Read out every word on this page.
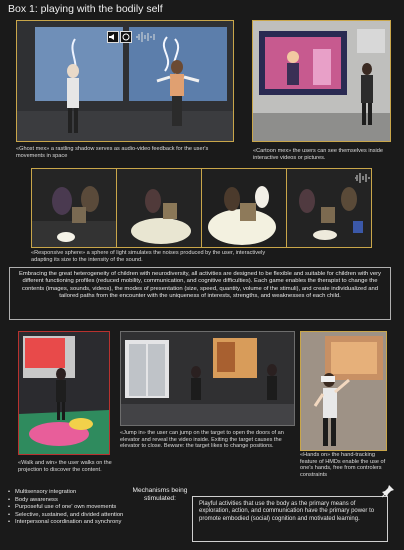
Box 1: playing with the bodily self
«Ghost mex» a rastling shadow serves as audio-video feedback for the user's movements in space
«Cartoon mex» the users can see themselves inside interactive videos or pictures.
«Responsive sphere» a sphere of light simulates the noises produced by the user, interactively adapting its size to the intensity of the sound.
Embracing the great heterogeneity of children with neurodiversity, all activities are designed to be flexible and suitable for children with very different functioning profiles (reduced mobility, communication, and cognitive difficulties). Each game enables the therapist to change the contents (images, sounds, videos), the modes of presentation (size, speed, quantity, volume of the stimuli), and create individualized and tailored paths from the encounter with the uniqueness of interests, strengths, and weaknesses of each child.
«Walk and win» the user walks on the projection to discover the content.
«Jump in» the user can jump on the target to open the doors of an elevator and reveal the video inside. Exiting the target causes the elevator to close. Beware: the target likes to change positions.
«Hands on» the hand-tracking feature of HMDs enable the use of one's hands, free from controlers constraints
Mechanisms being stimulated:
• Multisensory integration
• Body awareness
• Purposeful use of one' own movements
• Selective, sustained, and divided attention
• Interpersonal coordination and synchrony
Playful activities that use the body as the primary means of exploration, action, and communication have the primary power to promote embodied (social) cognition and motivated learning.
